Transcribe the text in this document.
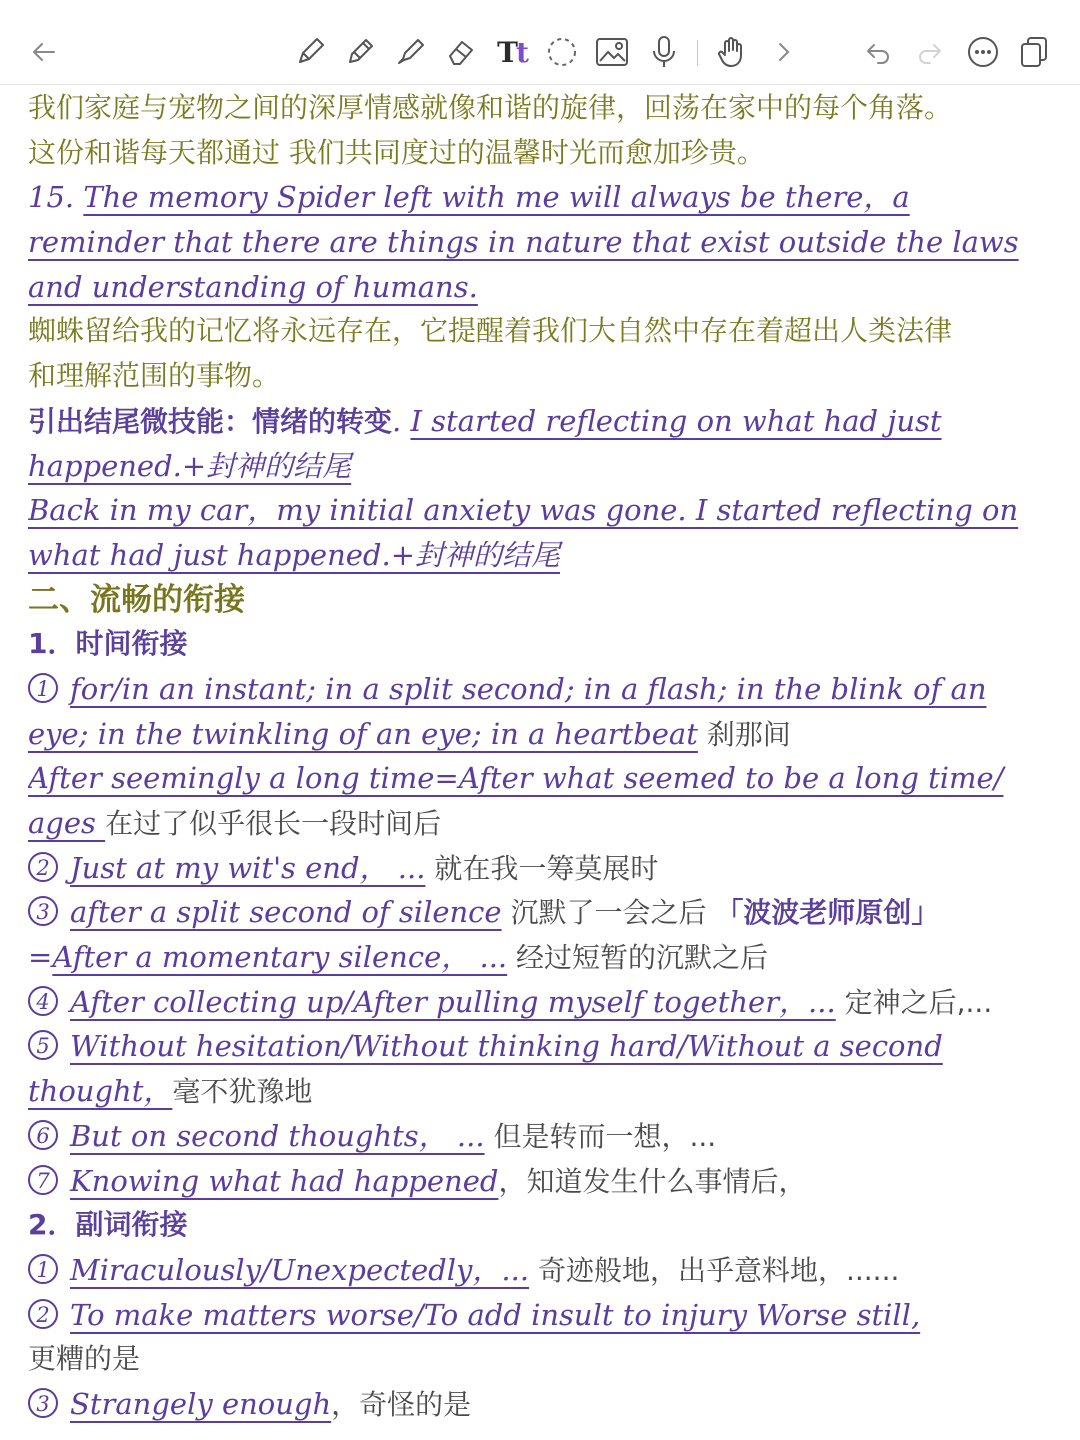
Tt
我们家庭与宠物之间的深厚情感就像和谐的旋律，回荡在家中的每个角落。
这份和谐每天都通过 我们共同度过的温馨时光而愈加珍贵。
15. The memory Spider left with me will always be there，a
reminder that there are things in nature that exist outside the laws
and understanding of humans.
蜘蛛留给我的记忆将永远存在，它提醒着我们大自然中存在着超出人类法律
和理解范围的事物。
引出结尾微技能：情绪的转变. I started reflecting on what had just
happened.+封神的结尾
Back in my car，my initial anxiety was gone. I started reflecting on
what had just happened.+封神的结尾
二、流畅的衔接
1．时间衔接
1 for/in an instant; in a split second; in a flash; in the blink of an
eye; in the twinkling of an eye; in a heartbeat 刹那间
After seemingly a long time=After what seemed to be a long time/
ages 在过了似乎很长一段时间后
2 Just at my wit's end， ... 就在我一筹莫展时
3 after a split second of silence 沉默了一会之后 「波波老师原创」
=After a momentary silence， ... 经过短暂的沉默之后
4 After collecting up/After pulling myself together，... 定神之后,...
5 Without hesitation/Without thinking hard/Without a second
thought，毫不犹豫地
6 But on second thoughts， ... 但是转而一想，...
7 Knowing what had happened，知道发生什么事情后，
2．副词衔接
1 Miraculously/Unexpectedly，... 奇迹般地，出乎意料地，......
2 To make matters worse/To add insult to injury Worse still,
更糟的是
3 Strangely enough，奇怪的是
